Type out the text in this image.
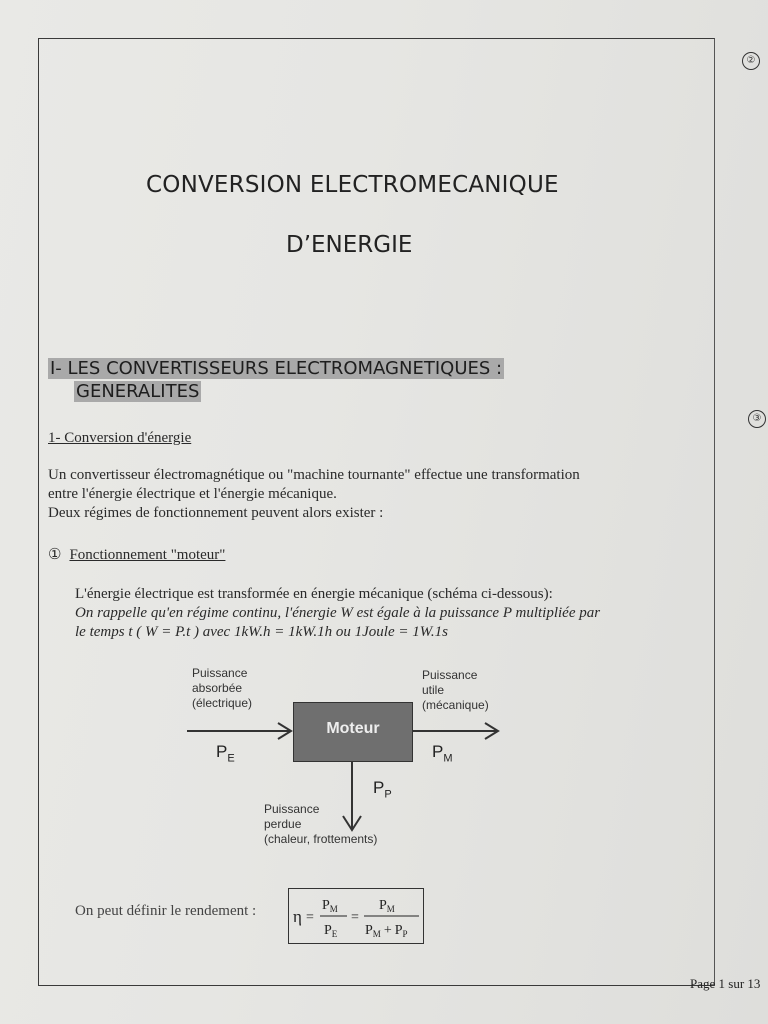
②
③
CONVERSION ELECTROMECANIQUE
D’ENERGIE
I- LES CONVERTISSEURS ELECTROMAGNETIQUES :
GENERALITES
1- Conversion d'énergie
Un convertisseur électromagnétique ou "machine tournante" effectue une transformation
entre l'énergie électrique et l'énergie mécanique.
Deux régimes de fonctionnement peuvent alors exister :
① Fonctionnement "moteur"
L'énergie électrique est transformée en énergie mécanique (schéma ci-dessous):
On rappelle qu'en régime continu, l'énergie W est égale à la puissance P multipliée par
le temps t ( W = P.t ) avec 1kW.h = 1kW.1h ou 1Joule = 1W.1s
Puissance
absorbée
(électrique)
Puissance
utile
(mécanique)
Moteur
$P_E$	$P_M$
$P_P$
Puissance
perdue
(chaleur, frottements)
On peut définir le rendement : η =
$P_M$
$P_E$
=
$P_M$
$P_M + P_P$
Page 1 sur 13
